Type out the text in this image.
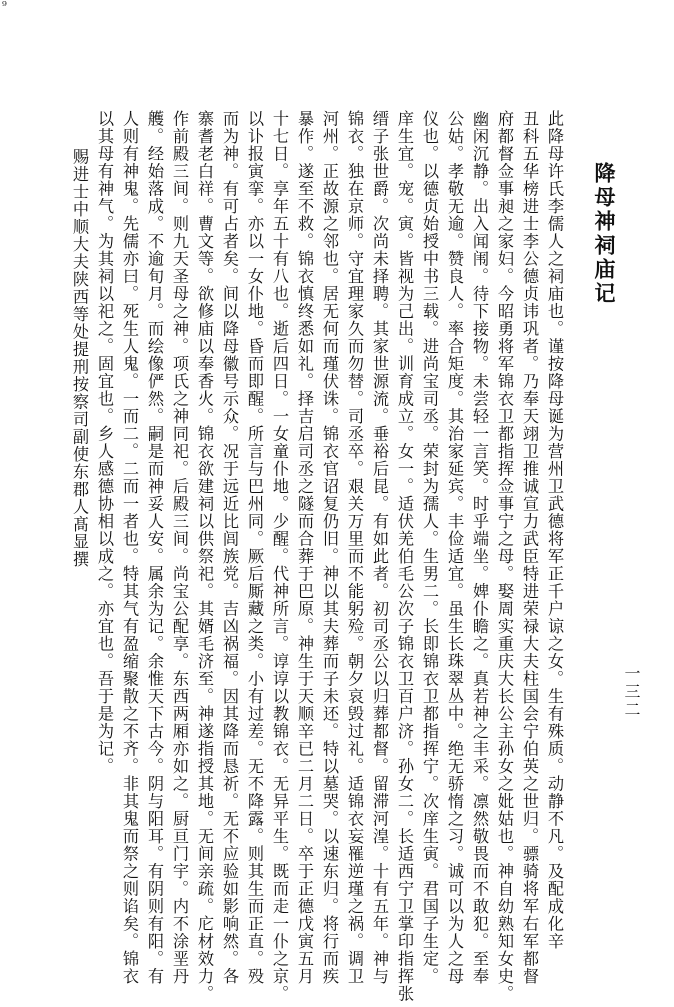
⁹
一三二

降母神祠庙记

此降母许氏李儒人之祠庙也。谨按降母诞为营州卫武德将军正千户谅之女。生有殊质。动静不凡。及配成化辛

丑科五华榜进士李公德贞讳巩者。乃奉天翊卫推诚宣力武臣特进荣禄大夫柱国会宁伯英之世归。骠骑将军右军都督

府都督佥事昶之家妇。今昭勇将军锦衣卫都指挥佥事宁之母。娶周实重庆大长公主孙女之妣姑也。神自幼熟知女史。

幽闲沉静。出入闻闱。待下接物。未尝轻一言笑。时乎端坐。婢仆瞻之。真若神之丰采。凛然敬畏而不敢犯。至奉

公姑。孝敬无逾。赞良人。率合矩度。其治家延宾。丰俭适宜。虽生长珠翠丛中。绝无骄惰之习。诚可以为人之母

仪也。以德贞始授中书三载。进尚宝司丞。荣封为孺人。生男二。长即锦衣卫都指挥宁。次庠生寅。君国子生定。

庠生宜。宠。寅。皆视为己出。训育成立。女一。适伏羌伯毛公次子锦衣卫百户济。孙女二。长适西宁卫掌印指挥张

缙子张世爵。次尚未择聘。其家世源流。垂裕后昆。有如此者。初司丞公以归葬都督。留滞河湟。十有五年。神与

锦衣。独在京师。守宜理家久而勿替。司丞卒。艰关万里而不能躬殓。朝夕哀毁过礼。适锦衣妄罹逆瑾之祸。调卫

河州。正故源之邻也。居无何而瑾伏诛。锦衣官诏复仍旧。神以其夫葬而子未还。特以墓哭。以速东归。将行而疾

暴作。遂至不救。锦衣慎终悉如礼。择吉启司丞之隧而合葬于巴原。神生于天顺辛已二月二日。卒于正德戊寅五月

十七日。享年五十有八也。逝后四日。一女童仆地。少醒。代神所言。谆谆以教锦衣。无异平生。既而走一仆之京。

以讣报寅挛。亦以一女仆地。昏而即醒。所言与巴州同。厥后厮藏之类。小有过差。无不降露。则其生而正直。殁

而为神。有可占者矣。间以降母徽号示众。况于远近比闾族党。吉凶祸福。因其降而恳祈。无不应验如影响然。各

寨耆老白祥。曹文等。欲修庙以奉香火。锦衣欲建祠以供祭祀。其婿毛济至。神遂指授其地。无间亲疏。庀材效力。

作前殿三间。则九天圣母之神。项氏之神同祀。后殿三间。尚宝公配享。东西两厢亦如之。厨亘门宇。内不涂垩丹

艧。经始落成。不逾旬月。而绘像俨然。嗣是而神妥人安。属余为记。余惟天下古今。阴与阳耳。有阴则有阳。有

人则有神鬼。先儒亦曰。死生人鬼。一而二。二而一者也。特其气有盈缩聚散之不齐。非其鬼而祭之则谄矣。锦衣

以其母有神气。为其祠以祀之。固宜也。乡人感德协相以成之。亦宜也。吾于是为记。

赐进士中顺大夫陕西等处提刑按察司副使东郡人髙显撰
